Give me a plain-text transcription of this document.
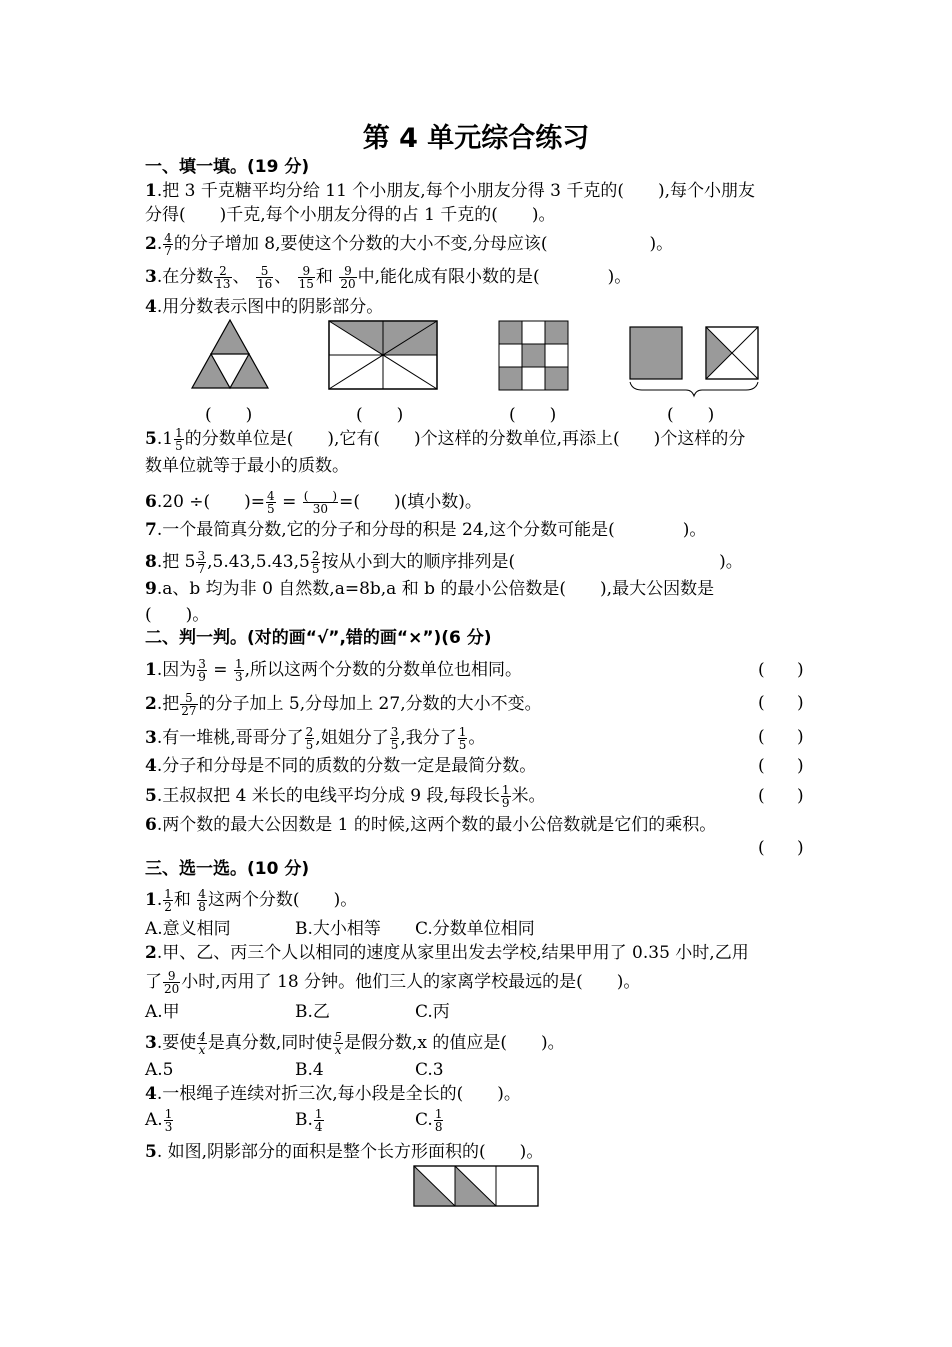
第 4 单元综合练习
一、填一填。(19 分)
1.把 3 千克糖平均分给 11 个小朋友,每个小朋友分得 3 千克的(　　),每个小朋友
分得(　　)千克,每个小朋友分得的占 1 千克的(　　)。
2. $\frac{4}{7}$ 的分子增加 8,要使这个分数的大小不变,分母应该(　　　　　　)。
3.在分数 $\frac{2}{13}$ 、 $\frac{5}{16}$ 、 $\frac{9}{15}$ 和 $\frac{9}{20}$ 中,能化成有限小数的是(　　　　)。
4.用分数表示图中的阴影部分。
(　　)	(　　)	(　　)	(　　)
$5.1 \frac{1}{5}$ 的分数单位是(　　),它有(　　)个这样的分数单位,再添上(　　)个这样的分
数单位就等于最小的质数。
6.20 ÷(　　)= $\frac{4}{5}$ = (　　)
30 =(　　)(填小数)。
7.一个最简真分数,它的分子和分母的积是 24,这个分数可能是(　　　　)。
8.把 $5 \frac{3}{7} ,5.43,5.43,5 \frac{2}{5}$ 按从小到大的顺序排列是(　　　　　　　　　　　　)。
9.a、b 均为非 0 自然数,a=8b,a 和 b 的最小公倍数是(　　),最大公因数是
(　　)。
二、判一判。(对的画“√”,错的画“×”)(6 分)
1.因为 $\frac{3}{9} = \frac{1}{3}$ ,所以这两个分数的分数单位也相同。	(      )
2.把 $\frac{5}{27}$ 的分子加上 5,分母加上 27,分数的大小不变。	(      )
3.有一堆桃,哥哥分了 $\frac{2}{5}$ ,姐姐分了 $\frac{3}{5}$ ,我分了 $\frac{1}{5}$ 。	(      )
4.分子和分母是不同的质数的分数一定是最简分数。	(      )
5.王叔叔把 4 米长的电线平均分成 9 段,每段长 $\frac{1}{9}$ 米。	(      )
6.两个数的最大公因数是 1 的时候,这两个数的最小公倍数就是它们的乘积。
(      )
三、选一选。(10 分)
1. $\frac{1}{2}$ 和 $\frac{4}{8}$ 这两个分数(　　)。
A.意义相同	B.大小相等 C.分数单位相同
2.甲、乙、丙三个人以相同的速度从家里出发去学校,结果甲用了 0.35 小时,乙用
了 $\frac{9}{20}$ 小时,丙用了 18 分钟。他们三人的家离学校最远的是(　　)。
A.甲	B.乙	C.丙
3.要使 $\frac{4}{x}$ 是真分数,同时使 $\frac{5}{x}$ 是假分数,x 的值应是(　　)。
A.5	B.4	C.3
4.一根绳子连续对折三次,每小段是全长的(　　)。
A. $\frac{1}{3}$	B. $\frac{1}{4}$	C. $\frac{1}{8}$
5. 如图,阴影部分的面积是整个长方形面积的(　　)。
